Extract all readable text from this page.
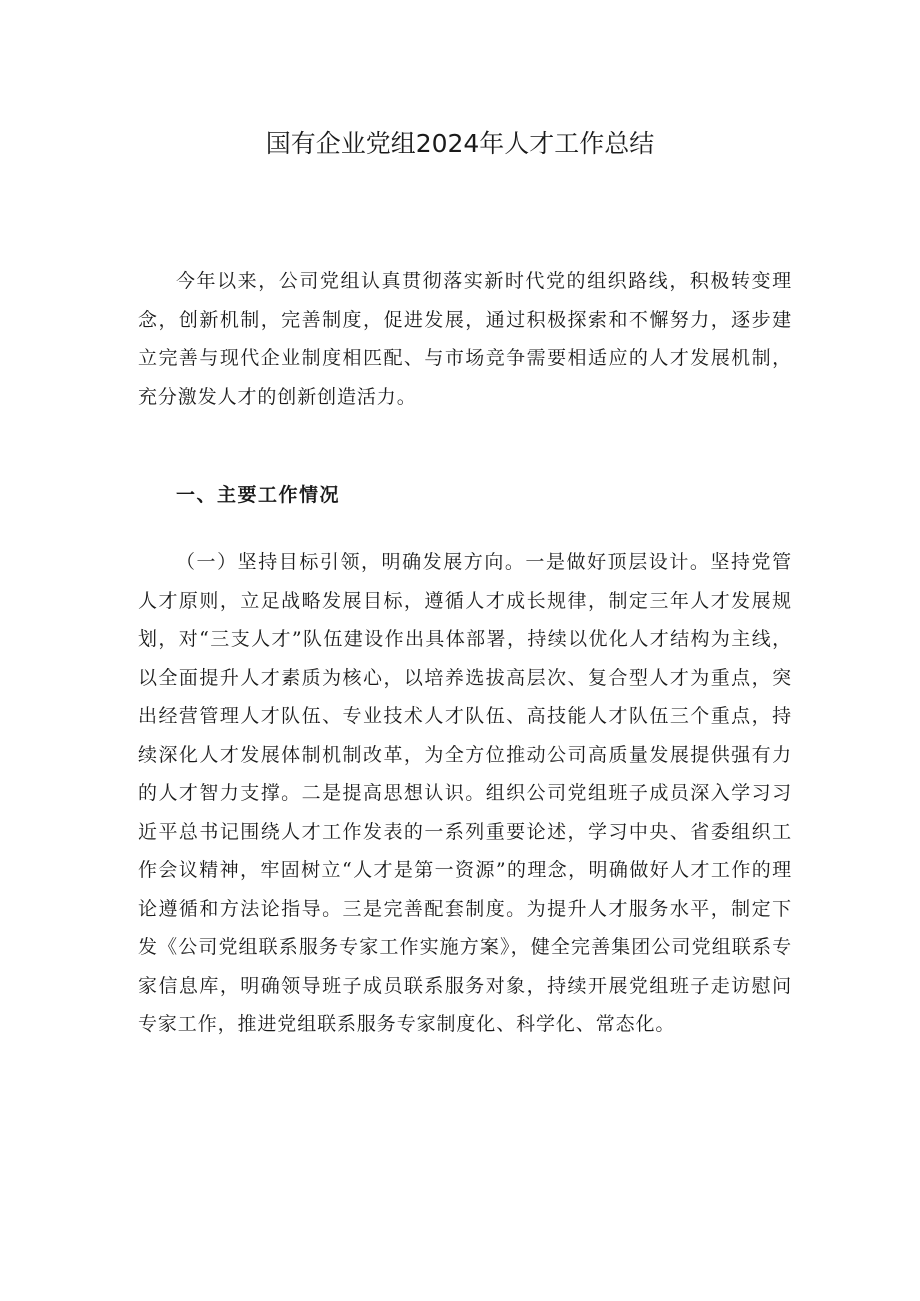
国有企业党组2024年人才工作总结

今年以来，公司党组认真贯彻落实新时代党的组织路线，积极转变理念，创新机制，完善制度，促进发展，通过积极探索和不懈努力，逐步建立完善与现代企业制度相匹配、与市场竞争需要相适应的人才发展机制，充分激发人才的创新创造活力。

一、主要工作情况

（一）坚持目标引领，明确发展方向。一是做好顶层设计。坚持党管人才原则，立足战略发展目标，遵循人才成长规律，制定三年人才发展规划，对“三支人才”队伍建设作出具体部署，持续以优化人才结构为主线，以全面提升人才素质为核心，以培养选拔高层次、复合型人才为重点，突出经营管理人才队伍、专业技术人才队伍、高技能人才队伍三个重点，持续深化人才发展体制机制改革，为全方位推动公司高质量发展提供强有力的人才智力支撑。二是提高思想认识。组织公司党组班子成员深入学习习近平总书记围绕人才工作发表的一系列重要论述，学习中央、省委组织工作会议精神，牢固树立“人才是第一资源”的理念，明确做好人才工作的理论遵循和方法论指导。三是完善配套制度。为提升人才服务水平，制定下发《公司党组联系服务专家工作实施方案》，健全完善集团公司党组联系专家信息库，明确领导班子成员联系服务对象，持续开展党组班子走访慰问专家工作，推进党组联系服务专家制度化、科学化、常态化。
